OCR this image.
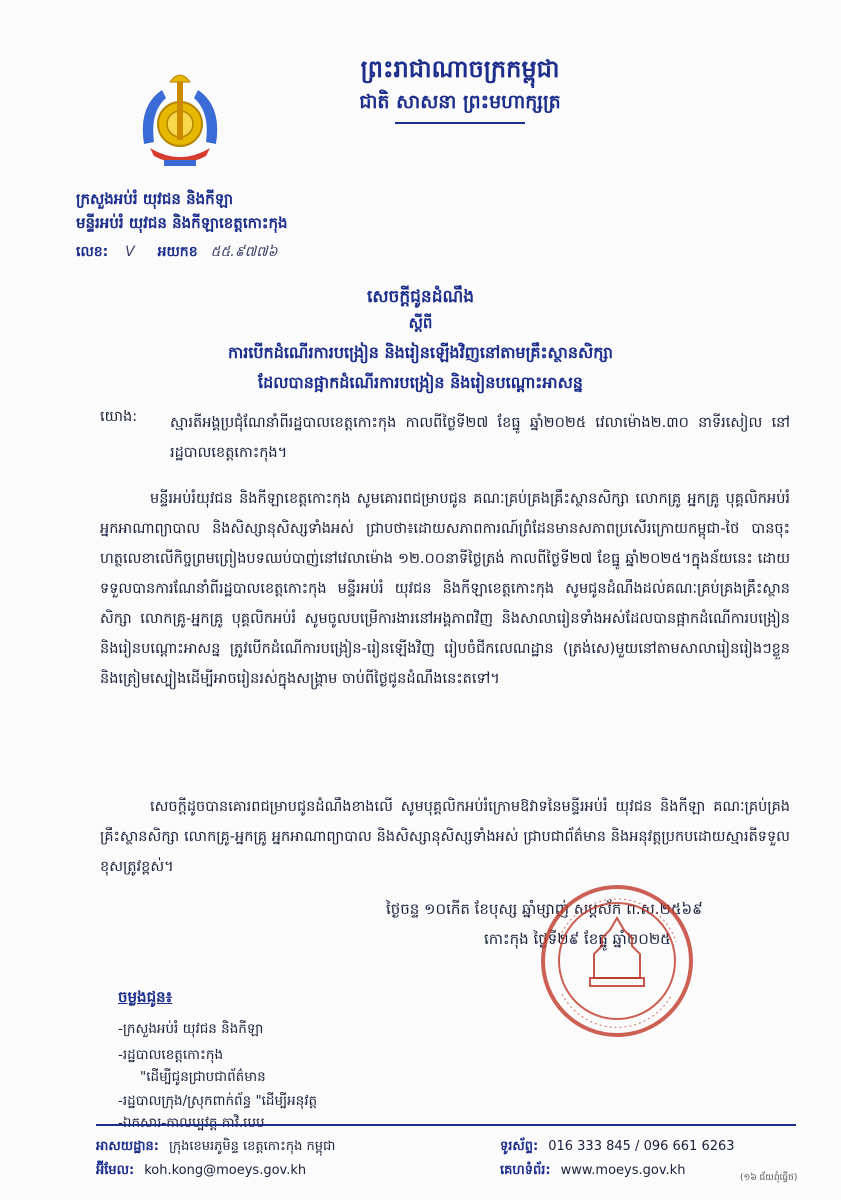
ព្រះរាជាណាចក្រកម្ពុជា
ជាតិ សាសនា ព្រះមហាក្សត្រ
ក្រសួងអប់រំ យុវជន និងកីឡា
មន្ទីរអប់រំ យុវជន និងកីឡាខេត្តកោះកុង
លេខ: V អយកខ ៥៥.៩៧៧៦
សេចក្ដីជូនដំណឹង
ស្ដីពី
ការបើកដំណើរការបង្រៀន និងរៀនឡើងវិញនៅតាមគ្រឹះស្ថានសិក្សា
ដែលបានផ្អាកដំណើរការបង្រៀន និងរៀនបណ្ដោះអាសន្ន
យោង: ស្មារតីអង្គប្រជុំណែនាំពីរដ្ឋបាលខេត្តកោះកុង កាលពីថ្ងៃទី២៧ ខែធ្នូ ឆ្នាំ២០២៥ វេលាម៉ោង២.៣០ នាទីរសៀល នៅរដ្ឋបាលខេត្តកោះកុង។
មន្ទីរអប់រំយុវជន និងកីឡាខេត្តកោះកុង សូមគោរពជម្រាបជូន គណៈគ្រប់គ្រងគ្រឹះស្ថានសិក្សា លោកគ្រូ អ្នកគ្រូ បុគ្គលិកអប់រំ អ្នកអាណាព្យាបាល និងសិស្សានុសិស្សទាំងអស់ ជ្រាបថា៖ដោយសភាពការណ៍ព្រំដែនមានសភាពប្រសើរក្រោយកម្ពុជា-ថៃ បានចុះហត្ថលេខាលើកិច្ចព្រមព្រៀងបទឈប់បាញ់នៅវេលាម៉ោង ១២.០០នាទីថ្ងៃត្រង់ កាលពីថ្ងៃទី២៧ ខែធ្នូ ឆ្នាំ២០២៥។ក្នុងន័យនេះ ដោយទទួលបានការណែនាំពីរដ្ឋបាលខេត្តកោះកុង មន្ទីរអប់រំ យុវជន និងកីឡាខេត្តកោះកុង សូមជូនដំណឹងដល់គណៈគ្រប់គ្រងគ្រឹះស្ថានសិក្សា លោកគ្រូ-អ្នកគ្រូ បុគ្គលិកអប់រំ សូមចូលបម្រើការងារនៅអង្គភាពវិញ និងសាលារៀនទាំងអស់ដែលបានផ្អាកដំណើការបង្រៀន និងរៀនបណ្ដោះអាសន្ន ត្រូវបើកដំណើការបង្រៀន-រៀនឡើងវិញ រៀបចំជីកលេណដ្ឋាន (ត្រង់សេ)មួយនៅតាមសាលារៀនរៀងៗខ្លួន និងត្រៀមស្បៀងដើម្បីអាចរៀនរស់ក្នុងសង្គ្រាម ចាប់ពីថ្ងៃជូនដំណឹងនេះតទៅ។
សេចក្ដីដូចបានគោរពជម្រាបជូនដំណឹងខាងលើ សូមបុគ្គលិកអប់រំក្រោមឱវាទនៃមន្ទីរអប់រំ យុវជន និងកីឡា គណៈគ្រប់គ្រងគ្រឹះស្ថានសិក្សា លោកគ្រូ-អ្នកគ្រូ អ្នកអាណាព្យាបាល និងសិស្សានុសិស្សទាំងអស់ ជ្រាបជាព័ត៌មាន និងអនុវត្តប្រកបដោយស្មារតីទទួលខុសត្រូវខ្ពស់។
ថ្ងៃចន្ទ ១០កើត ខែបុស្ស ឆ្នាំម្សាញ់ សប្តស័ក ព.ស.២៥៦៩
កោះកុង ថ្ងៃទី២៩ ខែធ្នូ ឆ្នាំ២០២៥
ចម្លងជូន៖
-ក្រសួងអប់រំ យុវជន និងកីឡា
-រដ្ឋបាលខេត្តកោះកុង
"ដើម្បីជូនជ្រាបជាព័ត៌មាន
-រដ្ឋបាលក្រុង/ស្រុកពាក់ព័ន្ធ "ដើម្បីអនុវត្ត
-ឯកសារ-កាលប្បវត្ត កាវិ.បេប
អាសយដ្ឋាន: ក្រុងខេមរភូមិន្ទ ខេត្តកោះកុង កម្ពុជា	ទូរស័ព្ទ: 016 333 845 / 096 661 6263
អ៊ីមែល: koh.kong@moeys.gov.kh	គេហទំព័រ: www.moeys.gov.kh	(១៦ ជ័យពុំធ្វើថ)
